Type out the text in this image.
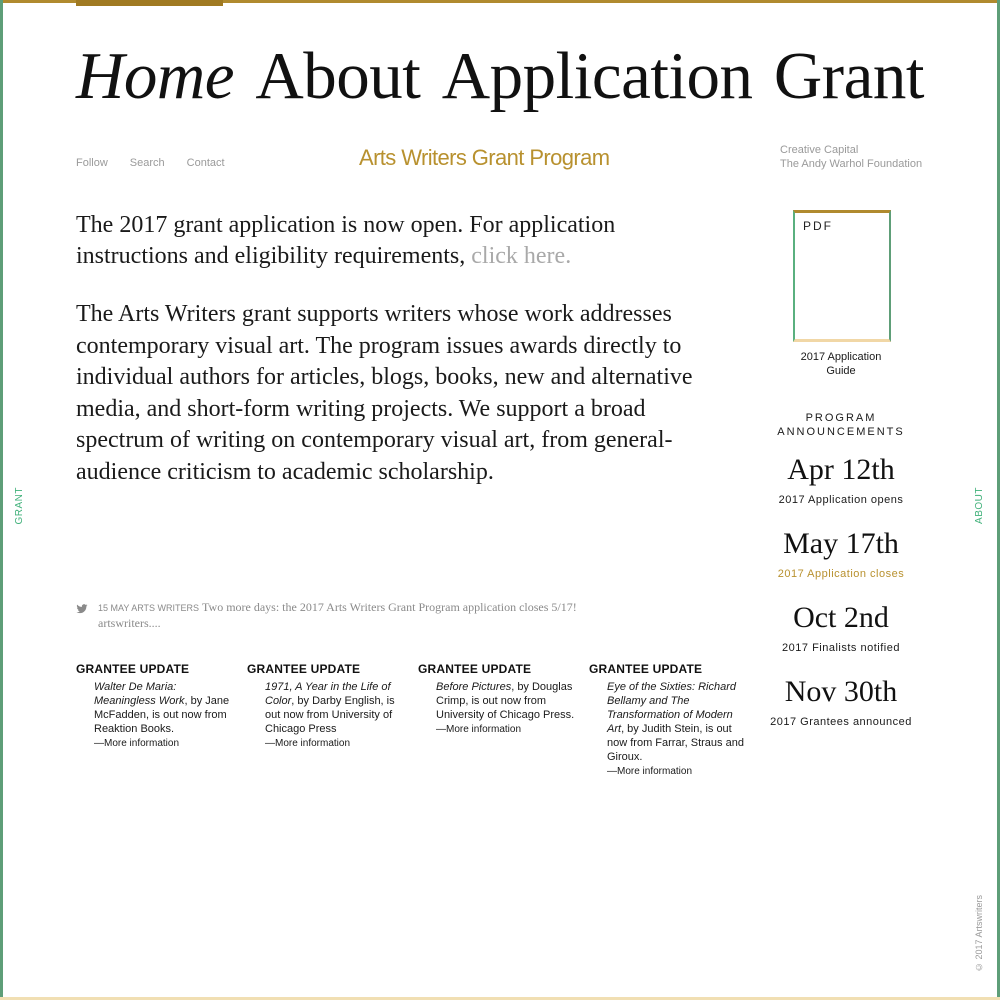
GRANT	ABOUT
© 2017 Artswriters
Home About Application Grant
Follow Search Contact	Arts Writers Grant Program	Creative Capital
The Andy Warhol Foundation

The 2017 grant application is now open. For application instructions and eligibility requirements, click here.

The Arts Writers grant supports writers whose work addresses contemporary visual art. The program issues awards directly to individual authors for articles, blogs, books, new and alternative media, and short-form writing projects. We support a broad spectrum of writing on contemporary visual art, from general-audience criticism to academic scholarship.

PDF
2017 Application
Guide
PROGRAM
ANNOUNCEMENTS
Apr 12th
2017 Application opens
May 17th
2017 Application closes
Oct 2nd
2017 Finalists notified
Nov 30th
2017 Grantees announced
15 MAY ARTS WRITERS Two more days: the 2017 Arts Writers Grant Program application closes 5/17! artswriters....
GRANTEE UPDATE
Walter De Maria: Meaningless Work, by Jane McFadden, is out now from Reaktion Books.
—More information
GRANTEE UPDATE
1971, A Year in the Life of Color, by Darby English, is out now from University of Chicago Press
—More information
GRANTEE UPDATE
Before Pictures, by Douglas Crimp, is out now from University of Chicago Press.
—More information
GRANTEE UPDATE
Eye of the Sixties: Richard Bellamy and The Transformation of Modern Art, by Judith Stein, is out now from Farrar, Straus and Giroux.
—More information
